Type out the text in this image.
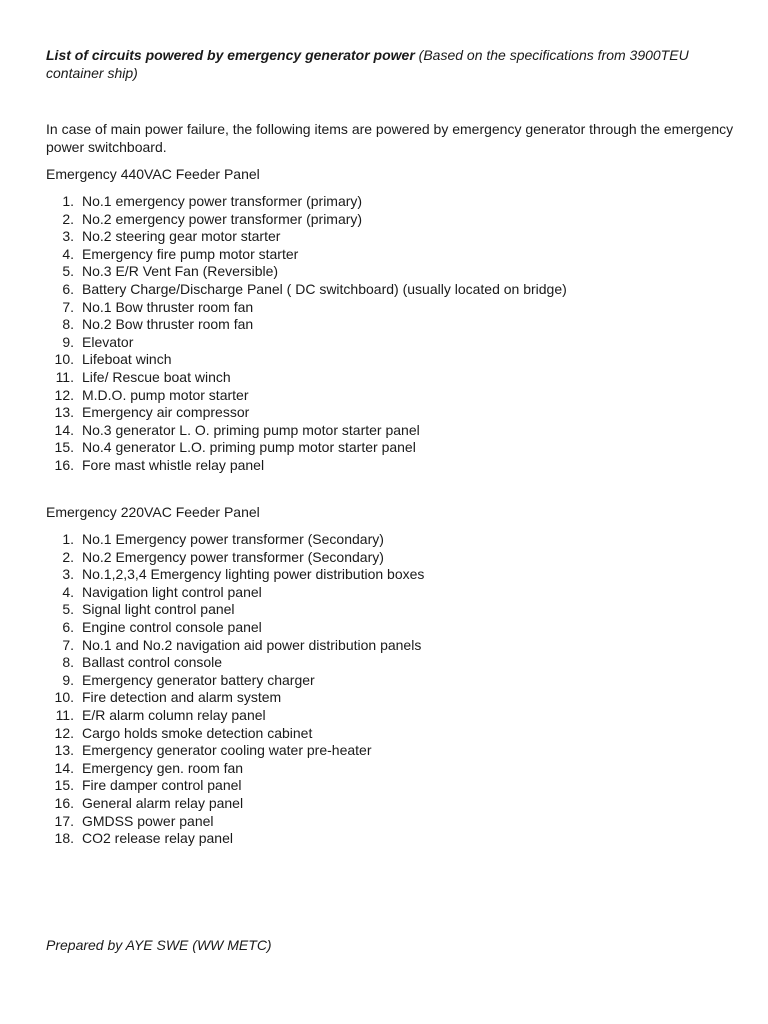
List of circuits powered by emergency generator power (Based on the specifications from 3900TEU container ship)
In case of main power failure, the following items are powered by emergency generator through the emergency power switchboard.
Emergency 440VAC Feeder Panel
1. No.1 emergency power transformer (primary)
2. No.2 emergency power transformer (primary)
3. No.2 steering gear motor starter
4. Emergency fire pump motor starter
5. No.3 E/R Vent Fan (Reversible)
6. Battery Charge/Discharge Panel ( DC switchboard) (usually located on bridge)
7. No.1 Bow thruster room fan
8. No.2 Bow thruster room fan
9. Elevator
10. Lifeboat winch
11. Life/ Rescue boat winch
12. M.D.O. pump motor starter
13. Emergency air compressor
14. No.3 generator L. O. priming pump motor starter panel
15. No.4 generator L.O. priming pump motor starter panel
16. Fore mast whistle relay panel
Emergency 220VAC Feeder Panel
1. No.1 Emergency power transformer (Secondary)
2. No.2 Emergency power transformer (Secondary)
3. No.1,2,3,4 Emergency lighting power distribution boxes
4. Navigation light control panel
5. Signal light control panel
6. Engine control console panel
7. No.1 and No.2 navigation aid power distribution panels
8. Ballast control console
9. Emergency generator battery charger
10. Fire detection and alarm system
11. E/R alarm column relay panel
12. Cargo holds smoke detection cabinet
13. Emergency generator cooling water pre-heater
14. Emergency gen. room fan
15. Fire damper control panel
16. General alarm relay panel
17. GMDSS power panel
18. CO2 release relay panel
Prepared by AYE SWE (WW METC)
